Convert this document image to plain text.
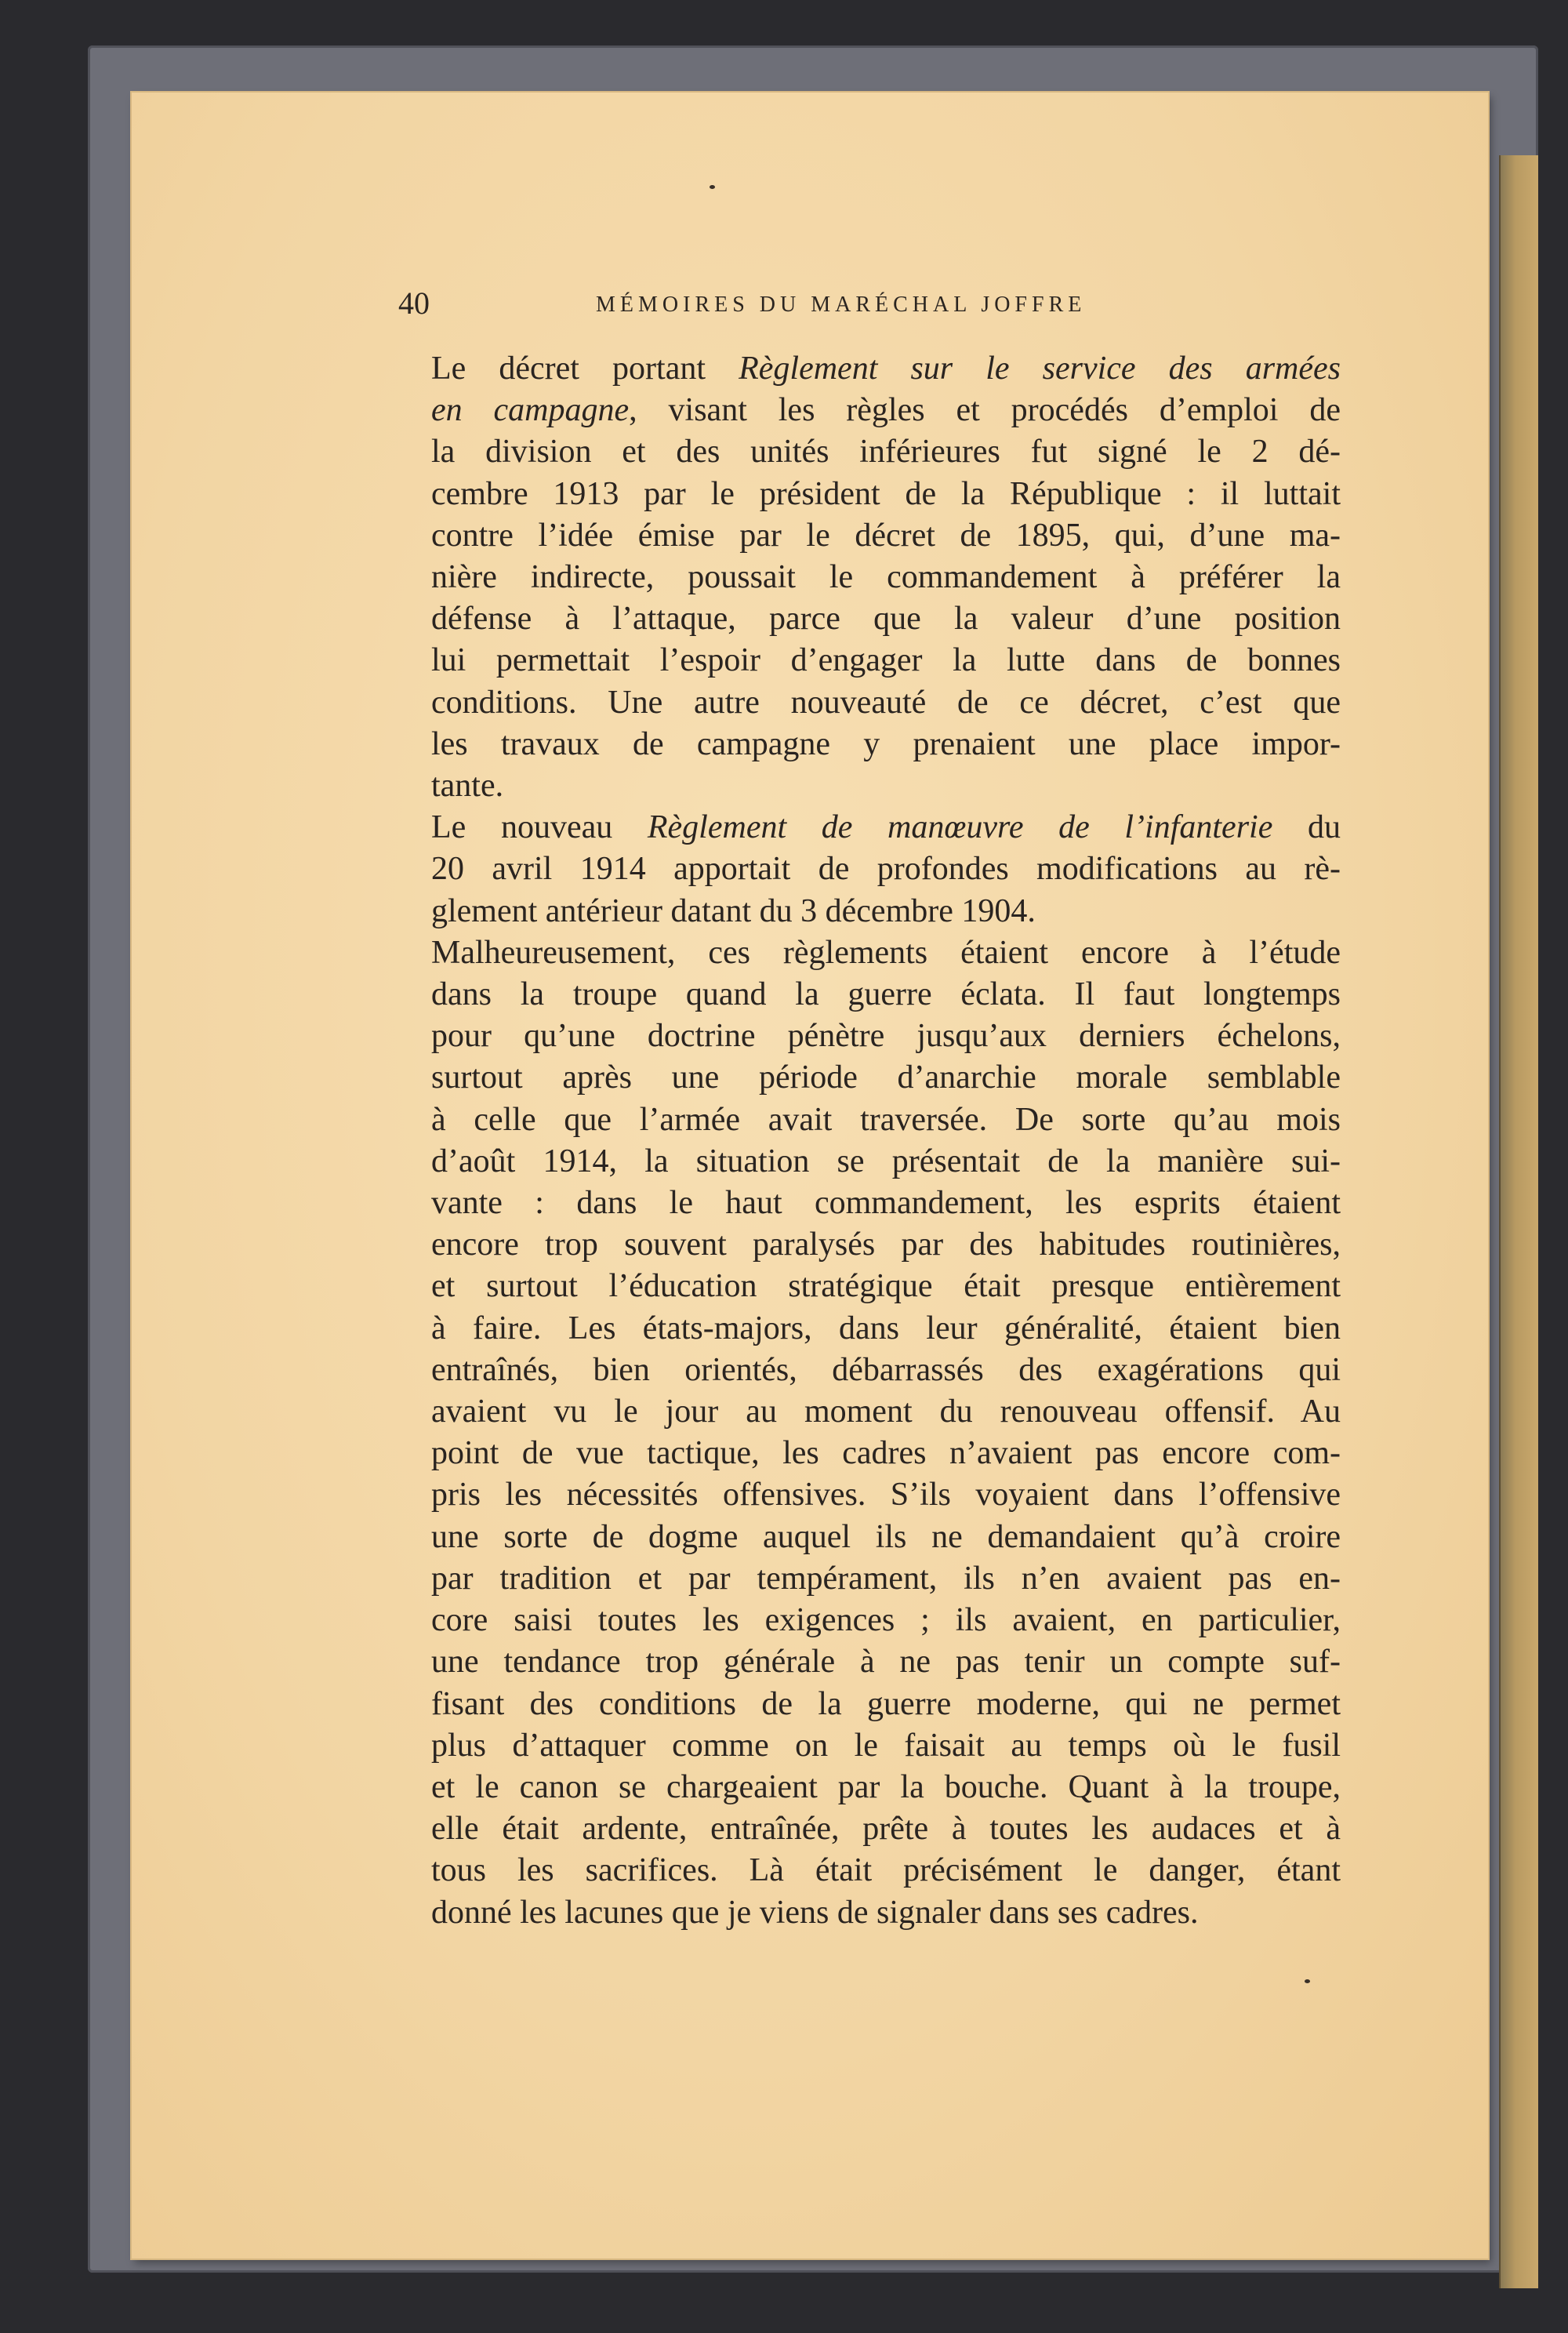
40	MÉMOIRES DU MARÉCHAL JOFFRE

Le décret portant Règlement sur le service des armées
en campagne, visant les règles et procédés d’emploi de
la division et des unités inférieures fut signé le 2 dé-
cembre 1913 par le président de la République : il luttait
contre l’idée émise par le décret de 1895, qui, d’une ma-
nière indirecte, poussait le commandement à préférer la
défense à l’attaque, parce que la valeur d’une position
lui permettait l’espoir d’engager la lutte dans de bonnes
conditions. Une autre nouveauté de ce décret, c’est que
les travaux de campagne y prenaient une place impor-
tante.

Le nouveau Règlement de manœuvre de l’infanterie du
20 avril 1914 apportait de profondes modifications au rè-
glement antérieur datant du 3 décembre 1904.

Malheureusement, ces règlements étaient encore à l’étude
dans la troupe quand la guerre éclata. Il faut longtemps
pour qu’une doctrine pénètre jusqu’aux derniers échelons,
surtout après une période d’anarchie morale semblable
à celle que l’armée avait traversée. De sorte qu’au mois
d’août 1914, la situation se présentait de la manière sui-
vante : dans le haut commandement, les esprits étaient
encore trop souvent paralysés par des habitudes routinières,
et surtout l’éducation stratégique était presque entièrement
à faire. Les états-majors, dans leur généralité, étaient bien
entraînés, bien orientés, débarrassés des exagérations qui
avaient vu le jour au moment du renouveau offensif. Au
point de vue tactique, les cadres n’avaient pas encore com-
pris les nécessités offensives. S’ils voyaient dans l’offensive
une sorte de dogme auquel ils ne demandaient qu’à croire
par tradition et par tempérament, ils n’en avaient pas en-
core saisi toutes les exigences ; ils avaient, en particulier,
une tendance trop générale à ne pas tenir un compte suf-
fisant des conditions de la guerre moderne, qui ne permet
plus d’attaquer comme on le faisait au temps où le fusil
et le canon se chargeaient par la bouche. Quant à la troupe,
elle était ardente, entraînée, prête à toutes les audaces et à
tous les sacrifices. Là était précisément le danger, étant
donné les lacunes que je viens de signaler dans ses cadres.
